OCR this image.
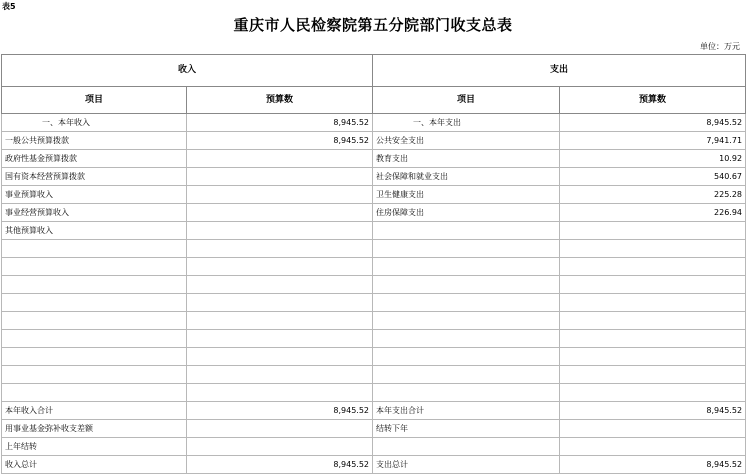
表5
重庆市人民检察院第五分院部门收支总表
单位：万元
收入		支出	
项目	预算数	项目	预算数
一、本年收入	8,945.52	一、本年支出	8,945.52
一般公共预算拨款	8,945.52	公共安全支出	7,941.71
政府性基金预算拨款		教育支出	10.92
国有资本经营预算拨款		社会保障和就业支出	540.67
事业预算收入		卫生健康支出	225.28
事业经营预算收入		住房保障支出	226.94
其他预算收入			

本年收入合计	8,945.52	本年支出合计	8,945.52
用事业基金弥补收支差额		结转下年	
上年结转			
收入总计	8,945.52	支出总计	8,945.52
